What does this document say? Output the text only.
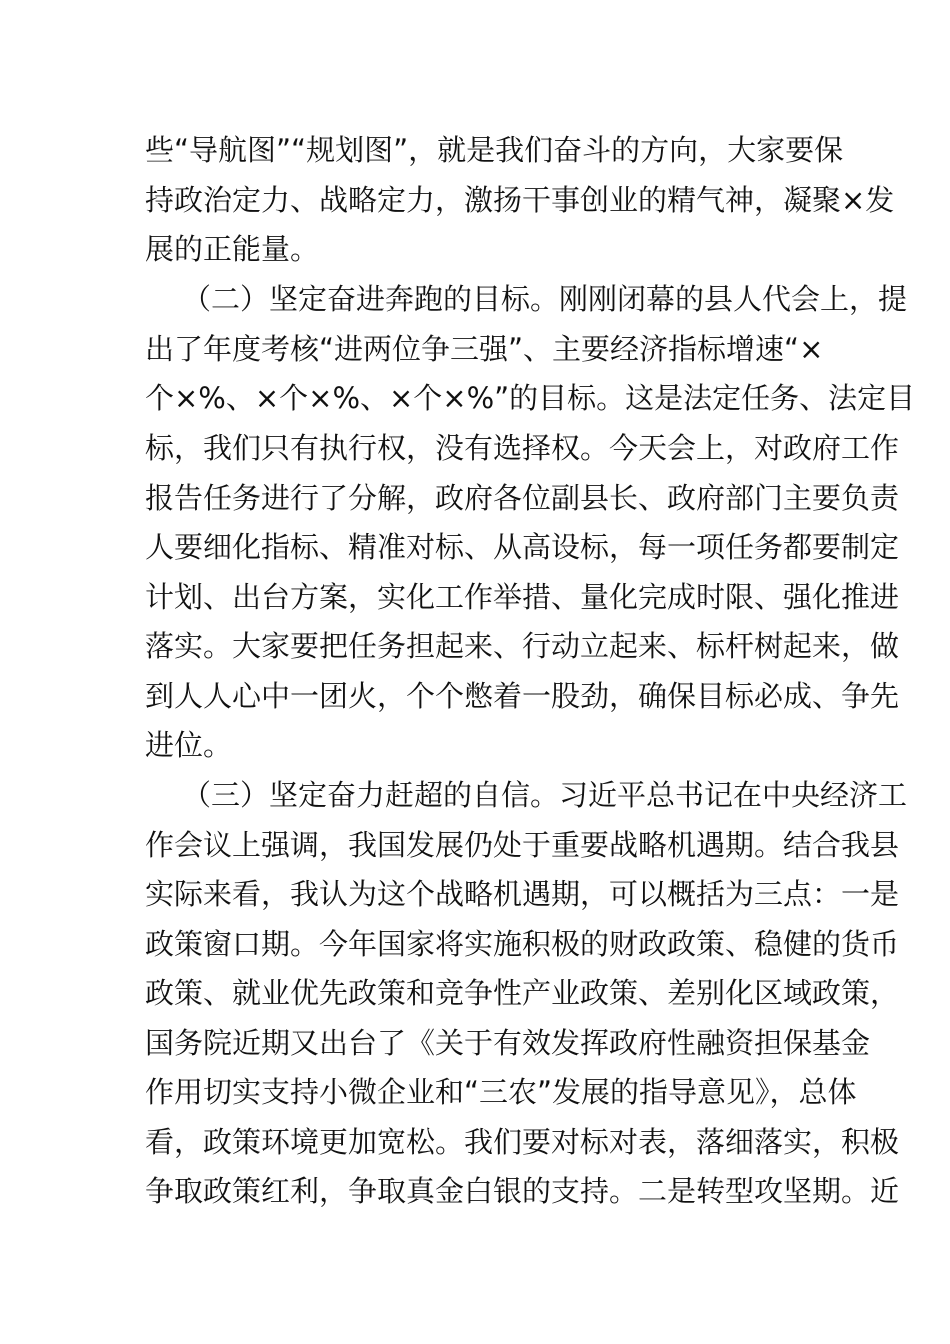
些“导航图”“规划图”，就是我们奋斗的方向，大家要保
持政治定力、战略定力，激扬干事创业的精气神，凝聚×发
展的正能量。
（二）坚定奋进奔跑的目标。刚刚闭幕的县人代会上，提
出了年度考核“进两位争三强”、主要经济指标增速“×
个×%、×个×%、×个×%”的目标。这是法定任务、法定目
标，我们只有执行权，没有选择权。今天会上，对政府工作
报告任务进行了分解，政府各位副县长、政府部门主要负责
人要细化指标、精准对标、从高设标，每一项任务都要制定
计划、出台方案，实化工作举措、量化完成时限、强化推进
落实。大家要把任务担起来、行动立起来、标杆树起来，做
到人人心中一团火，个个憋着一股劲，确保目标必成、争先
进位。
（三）坚定奋力赶超的自信。习近平总书记在中央经济工
作会议上强调，我国发展仍处于重要战略机遇期。结合我县
实际来看，我认为这个战略机遇期，可以概括为三点：一是
政策窗口期。今年国家将实施积极的财政政策、稳健的货币
政策、就业优先政策和竞争性产业政策、差别化区域政策，
国务院近期又出台了《关于有效发挥政府性融资担保基金
作用切实支持小微企业和“三农”发展的指导意见》，总体
看，政策环境更加宽松。我们要对标对表，落细落实，积极
争取政策红利，争取真金白银的支持。二是转型攻坚期。近
